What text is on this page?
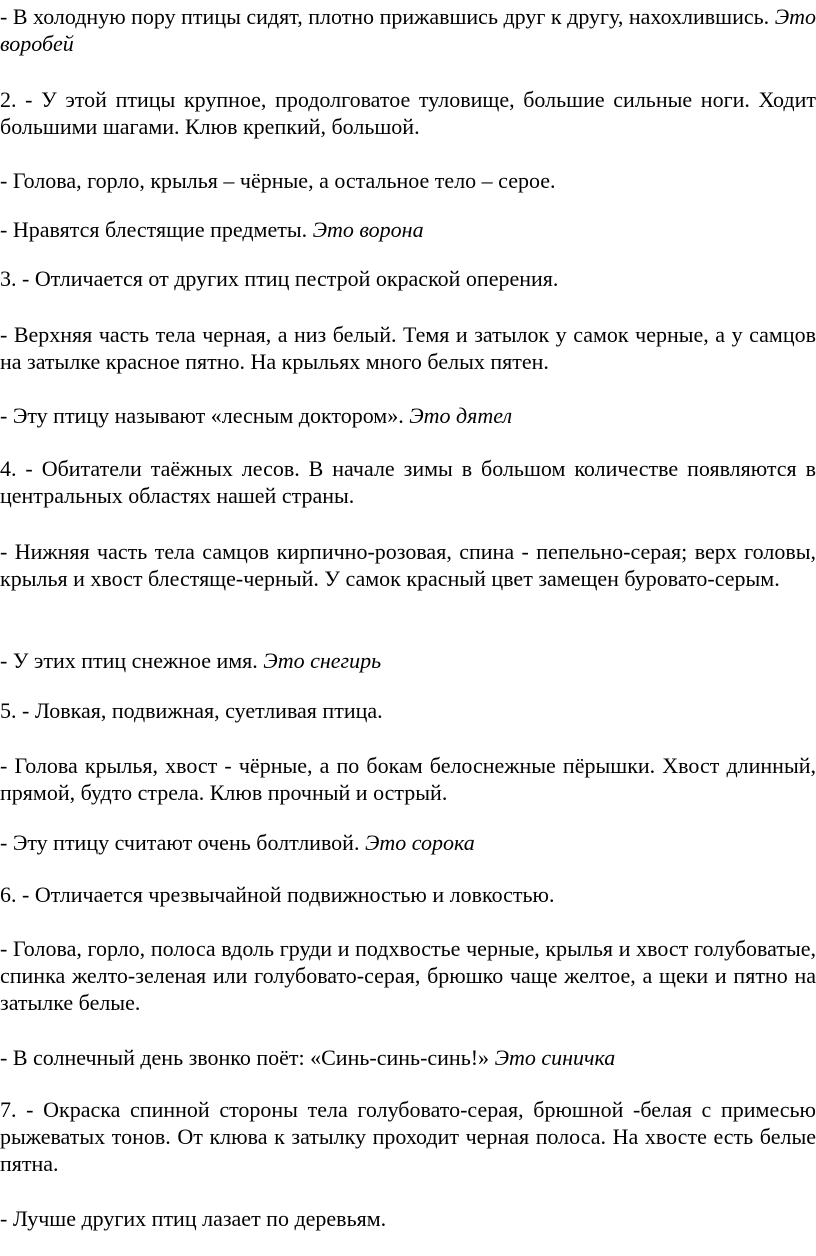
- В холодную пору птицы сидят, плотно прижавшись друг к другу, нахохлившись. Это воробей

2. - У этой птицы крупное, продолговатое туловище, большие сильные ноги. Ходит большими шагами. Клюв крепкий, большой.

- Голова, горло, крылья – чёрные, а остальное тело – серое.

- Нравятся блестящие предметы. Это ворона

3. - Отличается от других птиц пестрой окраской оперения.

- Верхняя часть тела черная, а низ белый. Темя и затылок у самок черные, а у самцов на затылке красное пятно. На крыльях много белых пятен.

- Эту птицу называют «лесным доктором». Это дятел

4. - Обитатели таёжных лесов. В начале зимы в большом количестве появляются в центральных областях нашей страны.

- Нижняя часть тела самцов кирпично-розовая, спина - пепельно-серая; верх головы, крылья и хвост блестяще-черный. У самок красный цвет замещен буровато-серым.

- У этих птиц снежное имя. Это снегирь

5. - Ловкая, подвижная, суетливая птица.

- Голова крылья, хвост - чёрные, а по бокам белоснежные пёрышки. Хвост длинный, прямой, будто стрела. Клюв прочный и острый.

- Эту птицу считают очень болтливой. Это сорока

6. - Отличается чрезвычайной подвижностью и ловкостью.

- Голова, горло, полоса вдоль груди и подхвостье черные, крылья и хвост голубоватые, спинка желто-зеленая или голубовато-серая, брюшко чаще желтое, а щеки и пятно на затылке белые.

- В солнечный день звонко поёт: «Синь-синь-синь!» Это синичка

7. - Окраска спинной стороны тела голубовато-серая, брюшной -белая с примесью рыжеватых тонов. От клюва к затылку проходит черная полоса. На хвосте есть белые пятна.

- Лучше других птиц лазает по деревьям.
